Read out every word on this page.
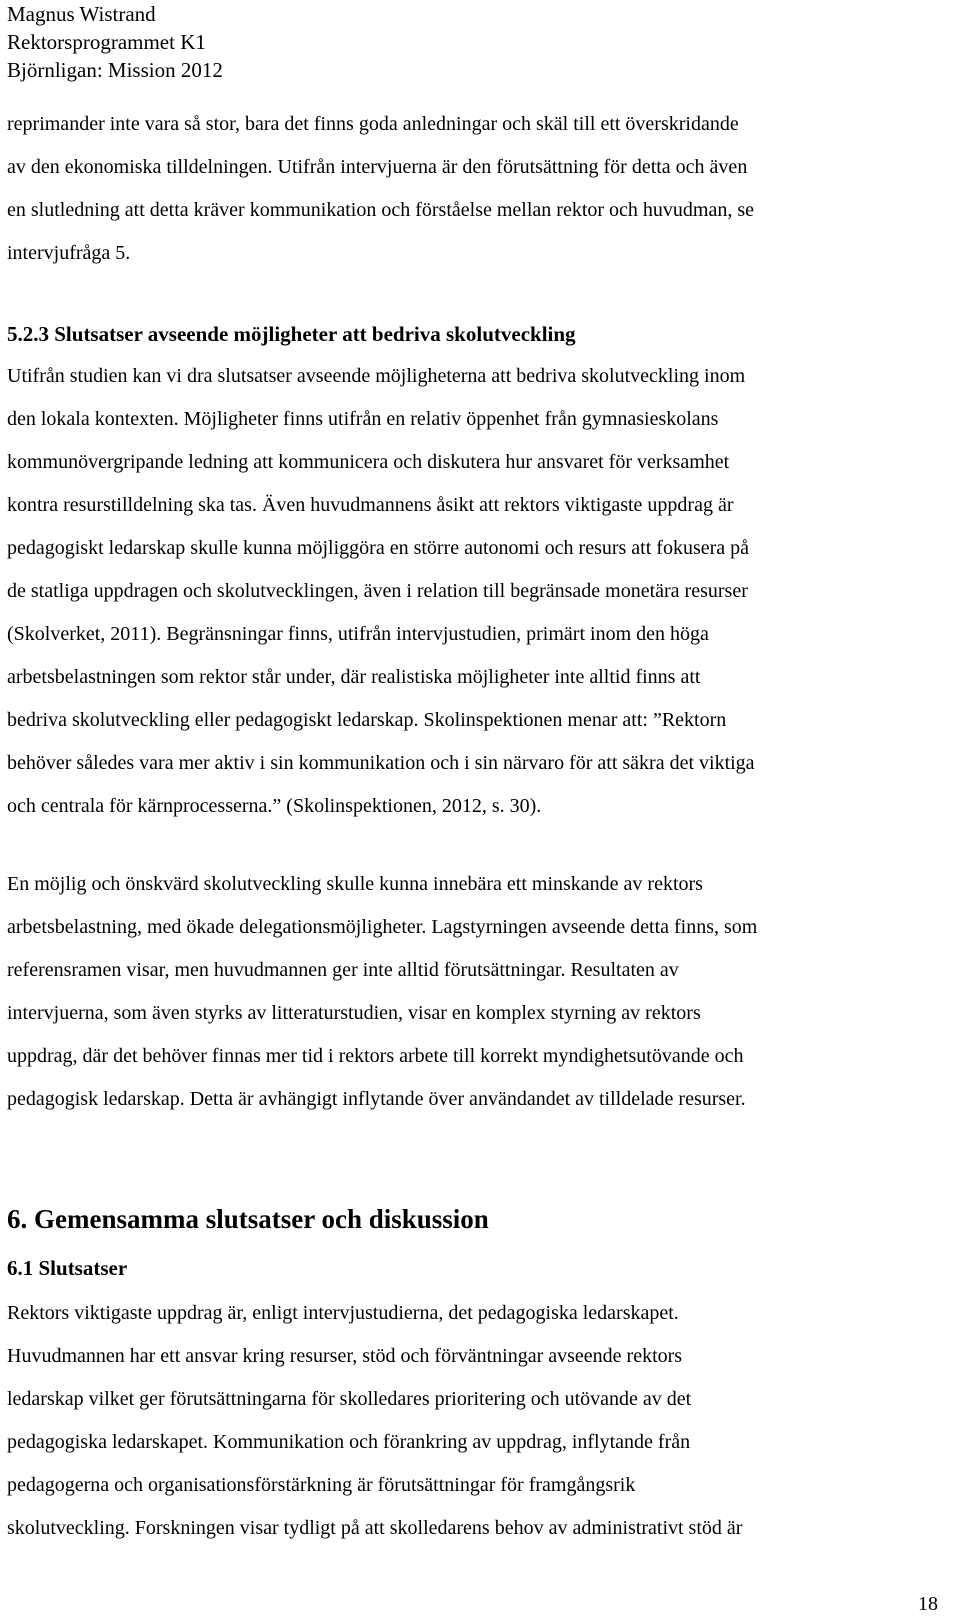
Magnus Wistrand
Rektorsprogrammet K1
Björnligan: Mission 2012
reprimander inte vara så stor, bara det finns goda anledningar och skäl till ett överskridande
av den ekonomiska tilldelningen. Utifrån intervjuerna är den förutsättning för detta och även
en slutledning att detta kräver kommunikation och förståelse mellan rektor och huvudman, se
intervjufråga 5.
5.2.3 Slutsatser avseende möjligheter att bedriva skolutveckling
Utifrån studien kan vi dra slutsatser avseende möjligheterna att bedriva skolutveckling inom
den lokala kontexten. Möjligheter finns utifrån en relativ öppenhet från gymnasieskolans
kommunövergripande ledning att kommunicera och diskutera hur ansvaret för verksamhet
kontra resurstilldelning ska tas. Även huvudmannens åsikt att rektors viktigaste uppdrag är
pedagogiskt ledarskap skulle kunna möjliggöra en större autonomi och resurs att fokusera på
de statliga uppdragen och skolutvecklingen, även i relation till begränsade monetära resurser
(Skolverket, 2011). Begränsningar finns, utifrån intervjustudien, primärt inom den höga
arbetsbelastningen som rektor står under, där realistiska möjligheter inte alltid finns att
bedriva skolutveckling eller pedagogiskt ledarskap. Skolinspektionen menar att: ”Rektorn
behöver således vara mer aktiv i sin kommunikation och i sin närvaro för att säkra det viktiga
och centrala för kärnprocesserna.” (Skolinspektionen, 2012, s. 30).
En möjlig och önskvärd skolutveckling skulle kunna innebära ett minskande av rektors
arbetsbelastning, med ökade delegationsmöjligheter. Lagstyrningen avseende detta finns, som
referensramen visar, men huvudmannen ger inte alltid förutsättningar. Resultaten av
intervjuerna, som även styrks av litteraturstudien, visar en komplex styrning av rektors
uppdrag, där det behöver finnas mer tid i rektors arbete till korrekt myndighetsutövande och
pedagogisk ledarskap. Detta är avhängigt inflytande över användandet av tilldelade resurser.
6. Gemensamma slutsatser och diskussion
6.1 Slutsatser
Rektors viktigaste uppdrag är, enligt intervjustudierna, det pedagogiska ledarskapet.
Huvudmannen har ett ansvar kring resurser, stöd och förväntningar avseende rektors
ledarskap vilket ger förutsättningarna för skolledares prioritering och utövande av det
pedagogiska ledarskapet. Kommunikation och förankring av uppdrag, inflytande från
pedagogerna och organisationsförstärkning är förutsättningar för framgångsrik
skolutveckling. Forskningen visar tydligt på att skolledarens behov av administrativt stöd är
18
